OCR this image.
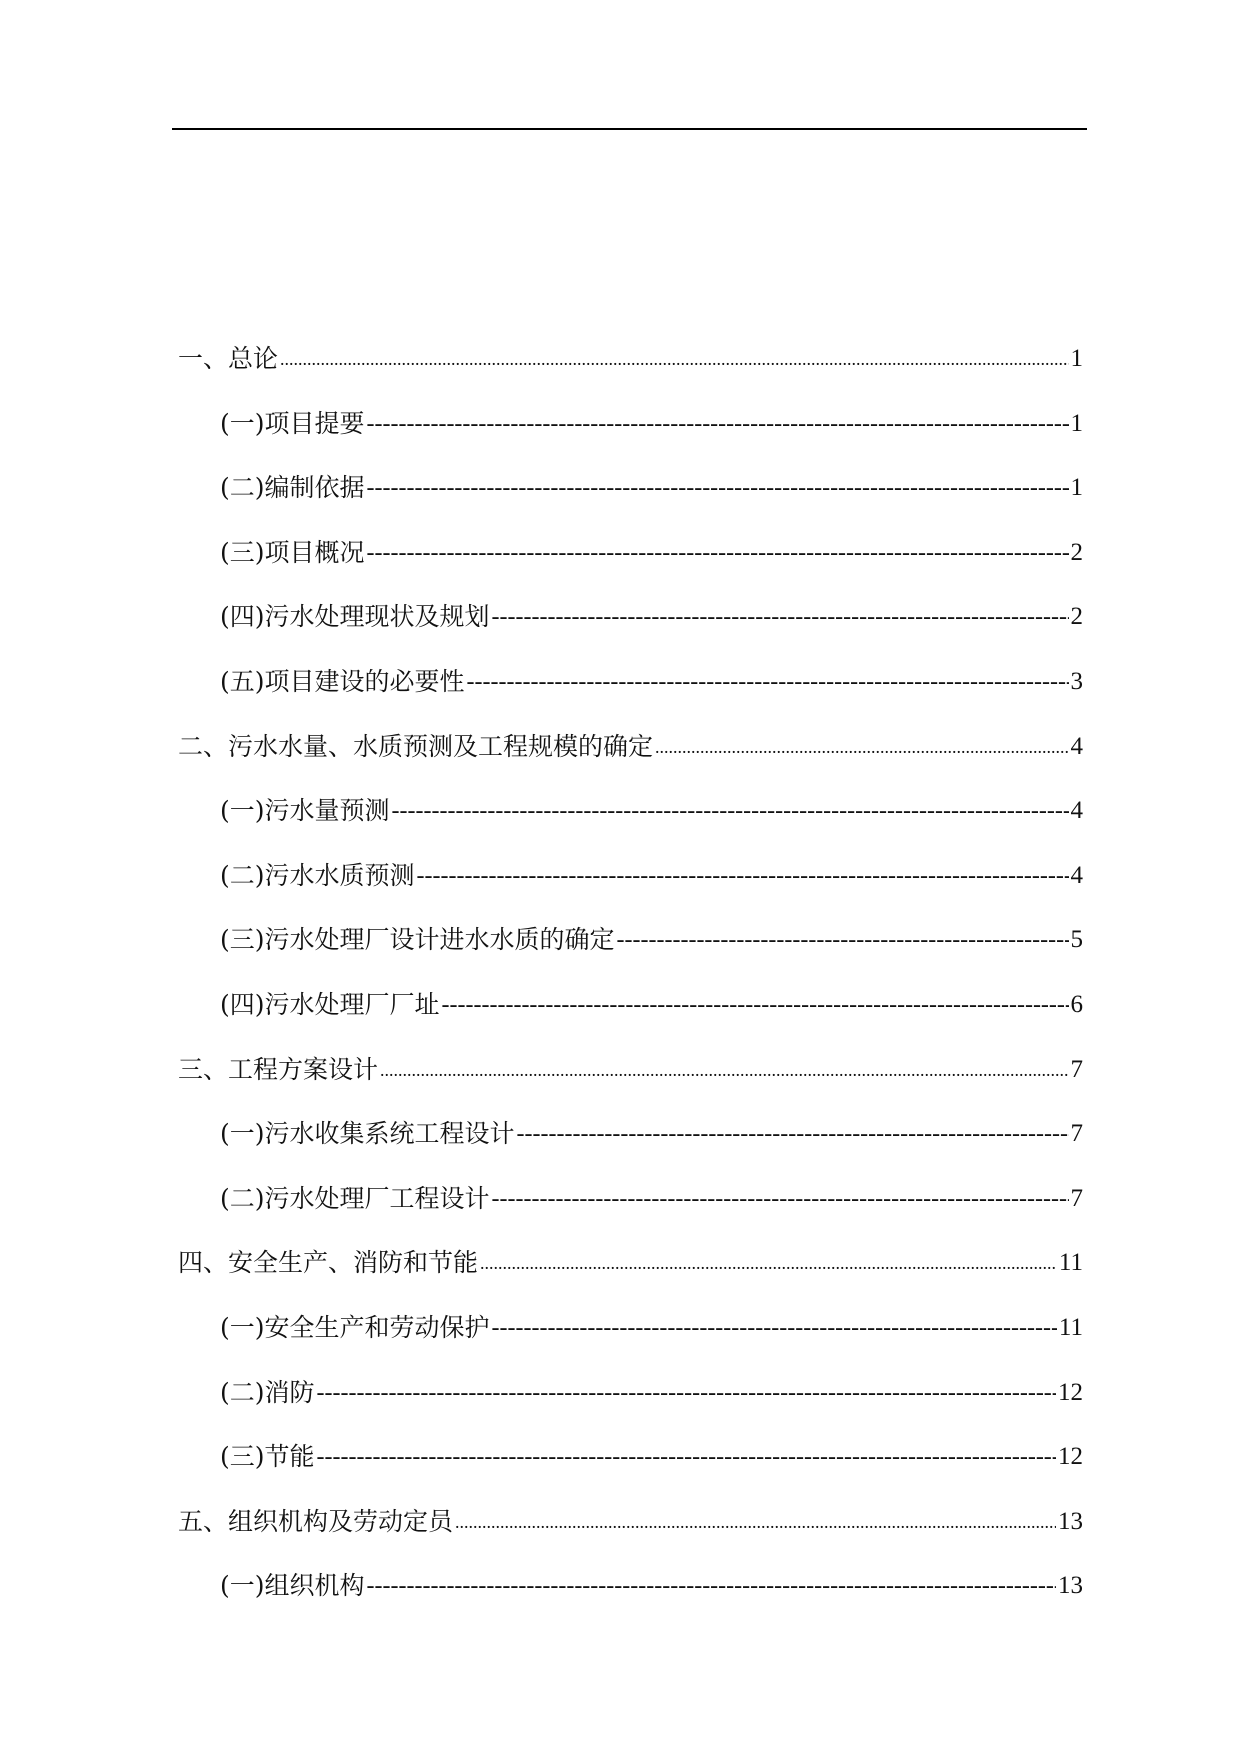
一、总论 .....	1
(一)项目提要 -----	1
(二)编制依据 -----	1
(三)项目概况 -----	2
(四)污水处理现状及规划 -----	2
(五)项目建设的必要性 -----	3
二、污水水量、水质预测及工程规模的确定 .....	4
(一)污水量预测 -----	4
(二)污水水质预测 -----	4
(三)污水处理厂设计进水水质的确定 -----	5
(四)污水处理厂厂址 -----	6
三、工程方案设计 .....	7
(一)污水收集系统工程设计 -----	7
(二)污水处理厂工程设计 -----	7
四、安全生产、消防和节能 .....	11
(一)安全生产和劳动保护 -----	11
(二)消防 -----	12
(三)节能 -----	12
五、组织机构及劳动定员 .....	13
(一)组织机构 -----	13
